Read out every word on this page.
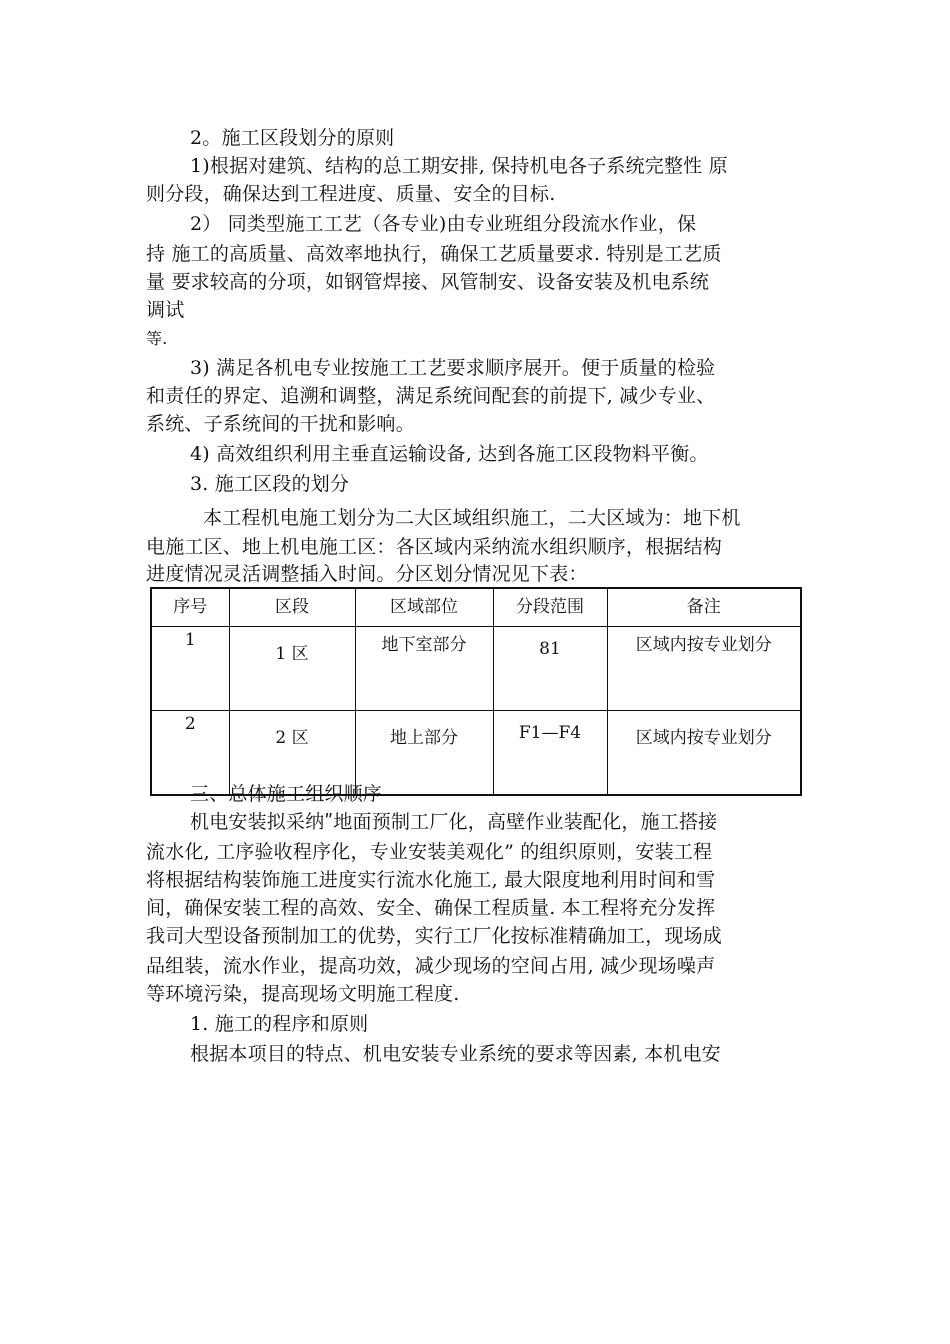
2。施工区段划分的原则
1)根据对建筑、结构的总工期安排, 保持机电各子系统完整性 原
则分段，确保达到工程进度、质量、安全的目标.
2） 同类型施工工艺（各专业)由专业班组分段流水作业，保
持 施工的高质量、高效率地执行，确保工艺质量要求. 特别是工艺质
量 要求较高的分项，如钢管焊接、风管制安、设备安装及机电系统
调试
等.
3) 满足各机电专业按施工工艺要求顺序展开。便于质量的检验
和责任的界定、追溯和调整，满足系统间配套的前提下, 减少专业、
系统、子系统间的干扰和影响。
4) 高效组织利用主垂直运输设备, 达到各施工区段物料平衡。
3. 施工区段的划分
本工程机电施工划分为二大区域组织施工，二大区域为：地下机
电施工区、地上机电施工区：各区域内采纳流水组织顺序，根据结构
进度情况灵活调整插入时间。分区划分情况见下表：
序号	区段	区域部位	分段范围	备注
1	1 区	地下室部分	81	区域内按专业划分
2	2 区	地上部分	F1—F4	区域内按专业划分
三、总体施工组织顺序
机电安装拟采纳ʺ地面预制工厂化，高壁作业装配化，施工搭接
流水化, 工序验收程序化，专业安装美观化” 的组织原则，安装工程
将根据结构装饰施工进度实行流水化施工, 最大限度地利用时间和雪
间，确保安装工程的高效、安全、确保工程质量. 本工程将充分发挥
我司大型设备预制加工的优势，实行工厂化按标准精确加工，现场成
品组装，流水作业，提高功效，减少现场的空间占用, 减少现场噪声
等环境污染，提高现场文明施工程度.
1. 施工的程序和原则
根据本项目的特点、机电安装专业系统的要求等因素, 本机电安
